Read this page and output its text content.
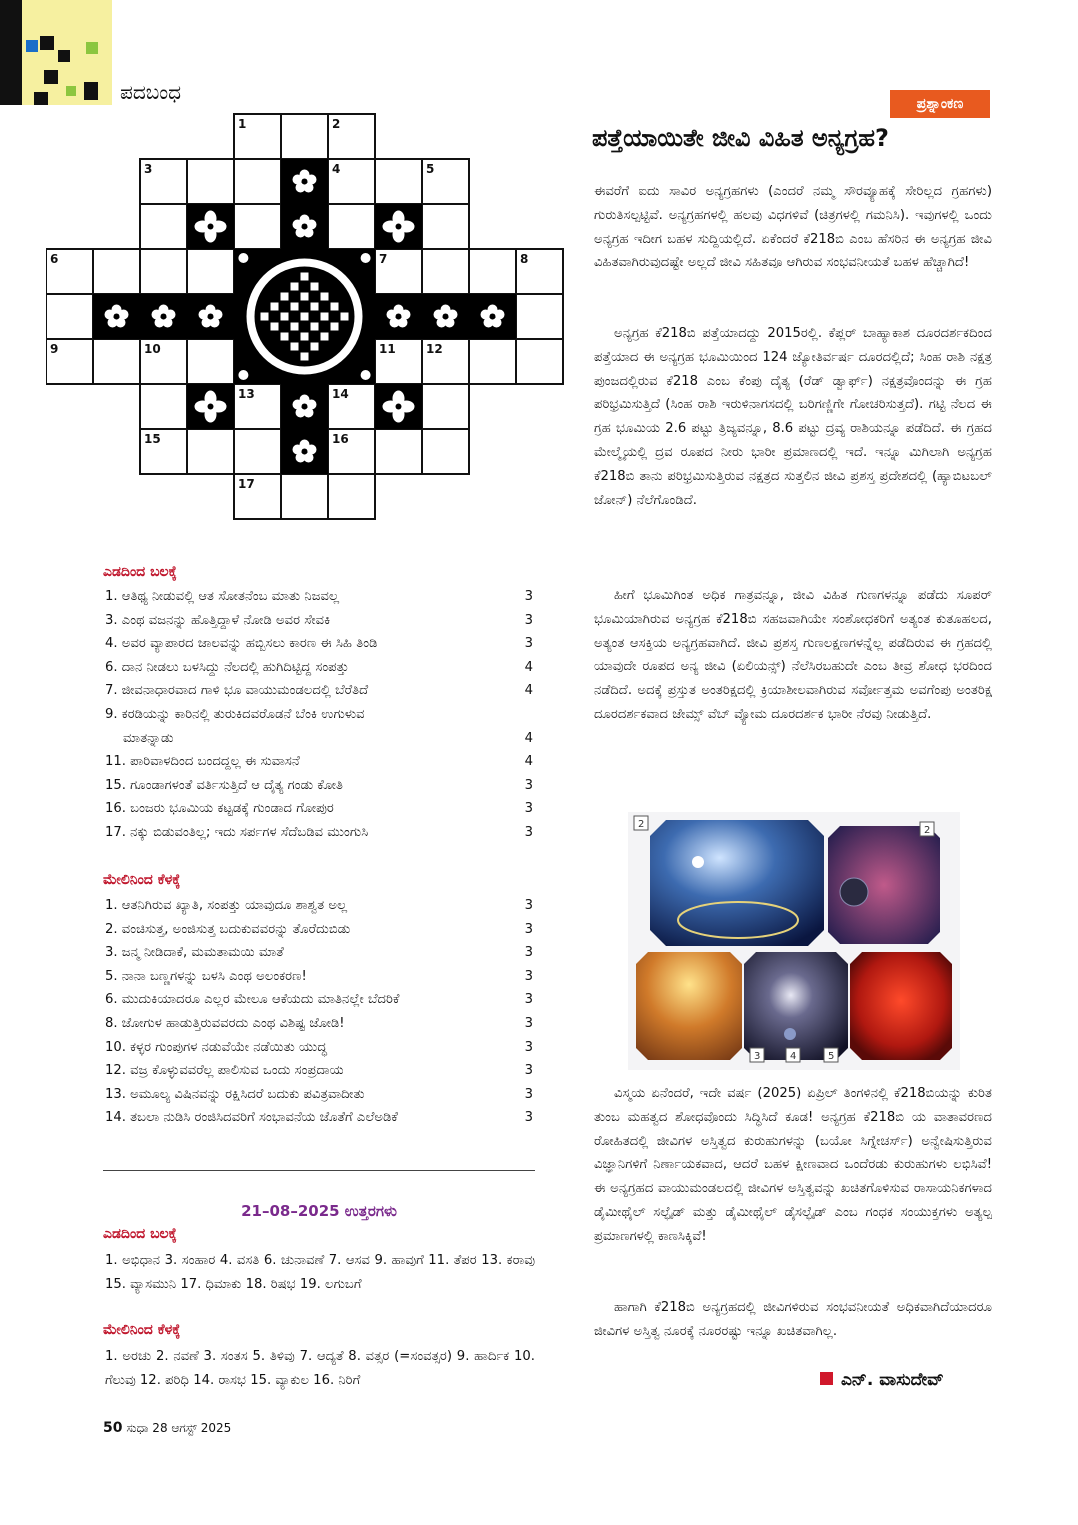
ಪದಬಂಧ
1	2
3	4	5
6	7	8
9	10	11	12
13	14
15	16
17
ಎಡದಿಂದ ಬಲಕ್ಕೆ
1. ಆತಿಥ್ಯ ನೀಡುವಲ್ಲಿ ಆತ ಸೋತನೆಂಬ ಮಾತು ನಿಜವಲ್ಲ	3
3. ಎಂಥ ವಜನನ್ನು ಹೊತ್ತಿದ್ದಾಳೆ ನೋಡಿ ಅವರ ಸೇವಕಿ	3
4. ಅವರ ವ್ಯಾಪಾರದ ಜಾಲವನ್ನು ಹಬ್ಬಿಸಲು ಕಾರಣ ಈ ಸಿಹಿ ತಿಂಡಿ	3
6. ದಾನ ನೀಡಲು ಬಳಸಿದ್ದು ನೆಲದಲ್ಲಿ ಹುಗಿದಿಟ್ಟಿದ್ದ ಸಂಪತ್ತು	4
7. ಜೀವನಾಧಾರವಾದ ಗಾಳಿ ಭೂ ವಾಯುಮಂಡಲದಲ್ಲಿ ಬೆರೆತಿದೆ	4
9. ಕರಡಿಯನ್ನು ಕಾರಿನಲ್ಲಿ ತುರುಕಿದವರೊಡನೆ ಬೆಂಕಿ ಉಗುಳುವ
ಮಾತನ್ನಾಡು	4
11. ಪಾರಿವಾಳದಿಂದ ಬಂದದ್ದಲ್ಲ ಈ ಸುವಾಸನೆ	4
15. ಗೂಂಡಾಗಳಂತೆ ವರ್ತಿಸುತ್ತಿದೆ ಆ ದೈತ್ಯ ಗಂಡು ಕೋತಿ	3
16. ಬಂಜರು ಭೂಮಿಯ ಕಟ್ಟಡಕ್ಕೆ ಗುಂಡಾದ ಗೋಪುರ	3
17. ನಕ್ಕು ಬಿಡುವಂತಿಲ್ಲ; ಇದು ಸರ್ಪಗಳ ಸೆದೆಬಡಿವ ಮುಂಗುಸಿ	3
ಮೇಲಿನಿಂದ ಕೆಳಕ್ಕೆ
1. ಆತನಿಗಿರುವ ಖ್ಯಾತಿ, ಸಂಪತ್ತು ಯಾವುದೂ ಶಾಶ್ವತ ಅಲ್ಲ	3
2. ವಂಚಿಸುತ್ತ, ಅಂಜಿಸುತ್ತ ಬದುಕುವವರನ್ನು ತೊರೆದುಬಿಡು	3
3. ಜನ್ಮ ನೀಡಿದಾಕೆ, ಮಮತಾಮಯಿ ಮಾತೆ	3
5. ನಾನಾ ಬಣ್ಣಗಳನ್ನು ಬಳಸಿ ಎಂಥ ಅಲಂಕರಣ!	3
6. ಮುದುಕಿಯಾದರೂ ಎಲ್ಲರ ಮೇಲೂ ಆಕೆಯದು ಮಾತಿನಲ್ಲೇ ಬೆದರಿಕೆ	3
8. ಜೋಗುಳ ಹಾಡುತ್ತಿರುವವರದು ಎಂಥ ವಿಶಿಷ್ಟ ಜೋಡಿ!	3
10. ಕಳ್ಳರ ಗುಂಪುಗಳ ನಡುವೆಯೇ ನಡೆಯಿತು ಯುದ್ಧ	3
12. ವಜ್ರ ಕೊಳ್ಳುವವರೆಲ್ಲ ಪಾಲಿಸುವ ಒಂದು ಸಂಪ್ರದಾಯ	3
13. ಅಮೂಲ್ಯ ವಿಷಿನವನ್ನು ರಕ್ಷಿಸಿದರೆ ಬದುಕು ಪವಿತ್ರವಾದೀತು	3
14. ತಬಲಾ ನುಡಿಸಿ ರಂಜಿಸಿದವರಿಗೆ ಸಂಭಾವನೆಯ ಜೊತೆಗೆ ಎಲೆಅಡಿಕೆ	3
21–08–2025 ಉತ್ತರಗಳು
ಎಡದಿಂದ ಬಲಕ್ಕೆ
1. ಅಭಿಧಾನ 3. ಸಂಹಾರ 4. ವಸತಿ 6. ಚುನಾವಣೆ 7. ಆಸವ 9. ಹಾವುಗೆ 11. ತೆಪರ 13. ಕರಾವು 15. ವ್ಯಾಸಮುನಿ 17. ಧಿಮಾಕು 18. ರಿಷಭ 19. ಲಗುಬಗೆ
ಮೇಲಿನಿಂದ ಕೆಳಕ್ಕೆ
1. ಅರಚು 2. ನವಣೆ 3. ಸಂತಸ 5. ತಿಳಿವು 7. ಆದ್ಯತೆ 8. ವತ್ಸರ (=ಸಂವತ್ಸರ) 9. ಹಾರ್ದಿಕ 10. ಗೆಲುವು 12. ಪರಿಧಿ 14. ರಾಸಭ 15. ವ್ಯಾಕುಲ 16. ನಿರಿಗೆ
50 ಸುಧಾ 28 ಆಗಸ್ಟ್ 2025
ಪ್ರಶ್ನಾಂಕಣ
ಪತ್ತೆಯಾಯಿತೇ ಜೀವಿ ವಿಹಿತ ಅನ್ಯಗ್ರಹ?
ಈವರೆಗೆ ಐದು ಸಾವಿರ ಅನ್ಯಗ್ರಹಗಳು (ಎಂದರೆ ನಮ್ಮ ಸೌರವ್ಯೂಹಕ್ಕೆ ಸೇರಿಲ್ಲದ ಗ್ರಹಗಳು) ಗುರುತಿಸಲ್ಪಟ್ಟಿವೆ. ಅನ್ಯಗ್ರಹಗಳಲ್ಲಿ ಹಲವು ವಿಧಗಳಿವೆ (ಚಿತ್ರಗಳಲ್ಲಿ ಗಮನಿಸಿ). ಇವುಗಳಲ್ಲಿ ಒಂದು ಅನ್ಯಗ್ರಹ ಇದೀಗ ಬಹಳ ಸುದ್ದಿಯಲ್ಲಿದೆ. ಏಕೆಂದರೆ ಕೆ218ಬಿ ಎಂಬ ಹೆಸರಿನ ಈ ಅನ್ಯಗ್ರಹ ಜೀವಿ ವಿಹಿತವಾಗಿರುವುದಷ್ಟೇ ಅಲ್ಲದೆ ಜೀವಿ ಸಹಿತವೂ ಆಗಿರುವ ಸಂಭವನೀಯತೆ ಬಹಳ ಹೆಚ್ಚಾಗಿದೆ!
ಅನ್ಯಗ್ರಹ ಕೆ218ಬಿ ಪತ್ತೆಯಾದದ್ದು 2015ರಲ್ಲಿ. ಕೆಪ್ಲರ್ ಬಾಹ್ಯಾಕಾಶ ದೂರದರ್ಶಕದಿಂದ ಪತ್ತೆಯಾದ ಈ ಅನ್ಯಗ್ರಹ ಭೂಮಿಯಿಂದ 124 ಜ್ಯೋತಿರ್ವರ್ಷ ದೂರದಲ್ಲಿದೆ; ಸಿಂಹ ರಾಶಿ ನಕ್ಷತ್ರ ಪುಂಜದಲ್ಲಿರುವ ಕೆ218 ಎಂಬ ಕೆಂಪು ದೈತ್ಯ (ರೆಡ್ ಡ್ವಾರ್ಫ್) ನಕ್ಷತ್ರವೊಂದನ್ನು ಈ ಗ್ರಹ ಪರಿಭ್ರಮಿಸುತ್ತಿದೆ (ಸಿಂಹ ರಾಶಿ ಇರುಳಿನಾಗಸದಲ್ಲಿ ಬರಿಗಣ್ಣಿಗೇ ಗೋಚರಿಸುತ್ತದೆ). ಗಟ್ಟಿ ನೆಲದ ಈ ಗ್ರಹ ಭೂಮಿಯ 2.6 ಪಟ್ಟು ತ್ರಿಜ್ಯವನ್ನೂ, 8.6 ಪಟ್ಟು ದ್ರವ್ಯ ರಾಶಿಯನ್ನೂ ಪಡೆದಿದೆ. ಈ ಗ್ರಹದ ಮೇಲ್ಮೈಯಲ್ಲಿ ದ್ರವ ರೂಪದ ನೀರು ಭಾರೀ ಪ್ರಮಾಣದಲ್ಲಿ ಇದೆ. ಇನ್ನೂ ಮಿಗಿಲಾಗಿ ಅನ್ಯಗ್ರಹ ಕೆ218ಬಿ ತಾನು ಪರಿಭ್ರಮಿಸುತ್ತಿರುವ ನಕ್ಷತ್ರದ ಸುತ್ತಲಿನ ಜೀವಿ ಪ್ರಶಸ್ತ ಪ್ರದೇಶದಲ್ಲಿ (ಹ್ಯಾಬಿಟಬಲ್ ಜೋನ್) ನೆಲೆಗೊಂಡಿದೆ.
ಹೀಗೆ ಭೂಮಿಗಿಂತ ಅಧಿಕ ಗಾತ್ರವನ್ನೂ, ಜೀವಿ ವಿಹಿತ ಗುಣಗಳನ್ನೂ ಪಡೆದು ಸೂಪರ್ ಭೂಮಿಯಾಗಿರುವ ಅನ್ಯಗ್ರಹ ಕೆ218ಬಿ ಸಹಜವಾಗಿಯೇ ಸಂಶೋಧಕರಿಗೆ ಅತ್ಯಂತ ಕುತೂಹಲದ, ಅತ್ಯಂತ ಆಸಕ್ತಿಯ ಅನ್ಯಗ್ರಹವಾಗಿದೆ. ಜೀವಿ ಪ್ರಶಸ್ತ ಗುಣಲಕ್ಷಣಗಳನ್ನೆಲ್ಲ ಪಡೆದಿರುವ ಈ ಗ್ರಹದಲ್ಲಿ ಯಾವುದೇ ರೂಪದ ಅನ್ಯ ಜೀವಿ (ಏಲಿಯನ್ಸ್) ನೆಲೆಸಿರಬಹುದೇ ಎಂಬ ತೀವ್ರ ಶೋಧ ಭರದಿಂದ ನಡೆದಿದೆ. ಅದಕ್ಕೆ ಪ್ರಸ್ತುತ ಅಂತರಿಕ್ಷದಲ್ಲಿ ಕ್ರಿಯಾಶೀಲವಾಗಿರುವ ಸರ್ವೋತ್ತಮ ಅವಗೆಂಪು ಅಂತರಿಕ್ಷ ದೂರದರ್ಶಕವಾದ ಜೇಮ್ಸ್ ವೆಬ್ ವ್ಯೋಮ ದೂರದರ್ಶಕ ಭಾರೀ ನೆರವು ನೀಡುತ್ತಿದೆ.
2
2
3	4	5
ವಿಸ್ಮಯ ಏನೆಂದರೆ, ಇದೇ ವರ್ಷ (2025) ಏಪ್ರಿಲ್ ತಿಂಗಳಿನಲ್ಲಿ ಕೆ218ಬಿಯನ್ನು ಕುರಿತ ತುಂಬ ಮಹತ್ವದ ಶೋಧವೊಂದು ಸಿದ್ಧಿಸಿದೆ ಕೂಡ! ಅನ್ಯಗ್ರಹ ಕೆ218ಬಿ ಯ ವಾತಾವರಣದ ರೋಹಿತದಲ್ಲಿ ಜೀವಿಗಳ ಅಸ್ತಿತ್ವದ ಕುರುಹುಗಳನ್ನು (ಬಯೋ ಸಿಗ್ನೇಚರ್ಸ್) ಅನ್ವೇಷಿಸುತ್ತಿರುವ ವಿಜ್ಞಾನಿಗಳಿಗೆ ನಿರ್ಣಾಯಕವಾದ, ಆದರೆ ಬಹಳ ಕ್ಷೀಣವಾದ ಒಂದೆರಡು ಕುರುಹುಗಳು ಲಭಿಸಿವೆ! ಈ ಅನ್ಯಗ್ರಹದ ವಾಯುಮಂಡಲದಲ್ಲಿ ಜೀವಿಗಳ ಅಸ್ತಿತ್ವವನ್ನು ಖಚಿತಗೊಳಿಸುವ ರಾಸಾಯನಿಕಗಳಾದ ಡೈಮೀಥೈಲ್ ಸಲ್ಫೈಡ್ ಮತ್ತು ಡೈಮೀಥೈಲ್ ಡೈಸಲ್ಫೈಡ್ ಎಂಬ ಗಂಧಕ ಸಂಯುಕ್ತಗಳು ಅತ್ಯಲ್ಪ ಪ್ರಮಾಣಗಳಲ್ಲಿ ಕಾಣಸಿಕ್ಕಿವೆ!
ಹಾಗಾಗಿ ಕೆ218ಬಿ ಅನ್ಯಗ್ರಹದಲ್ಲಿ ಜೀವಿಗಳಿರುವ ಸಂಭವನೀಯತೆ ಅಧಿಕವಾಗಿದೆಯಾದರೂ ಜೀವಿಗಳ ಅಸ್ತಿತ್ವ ನೂರಕ್ಕೆ ನೂರರಷ್ಟು ಇನ್ನೂ ಖಚಿತವಾಗಿಲ್ಲ.
ಎನ್. ವಾಸುದೇವ್
